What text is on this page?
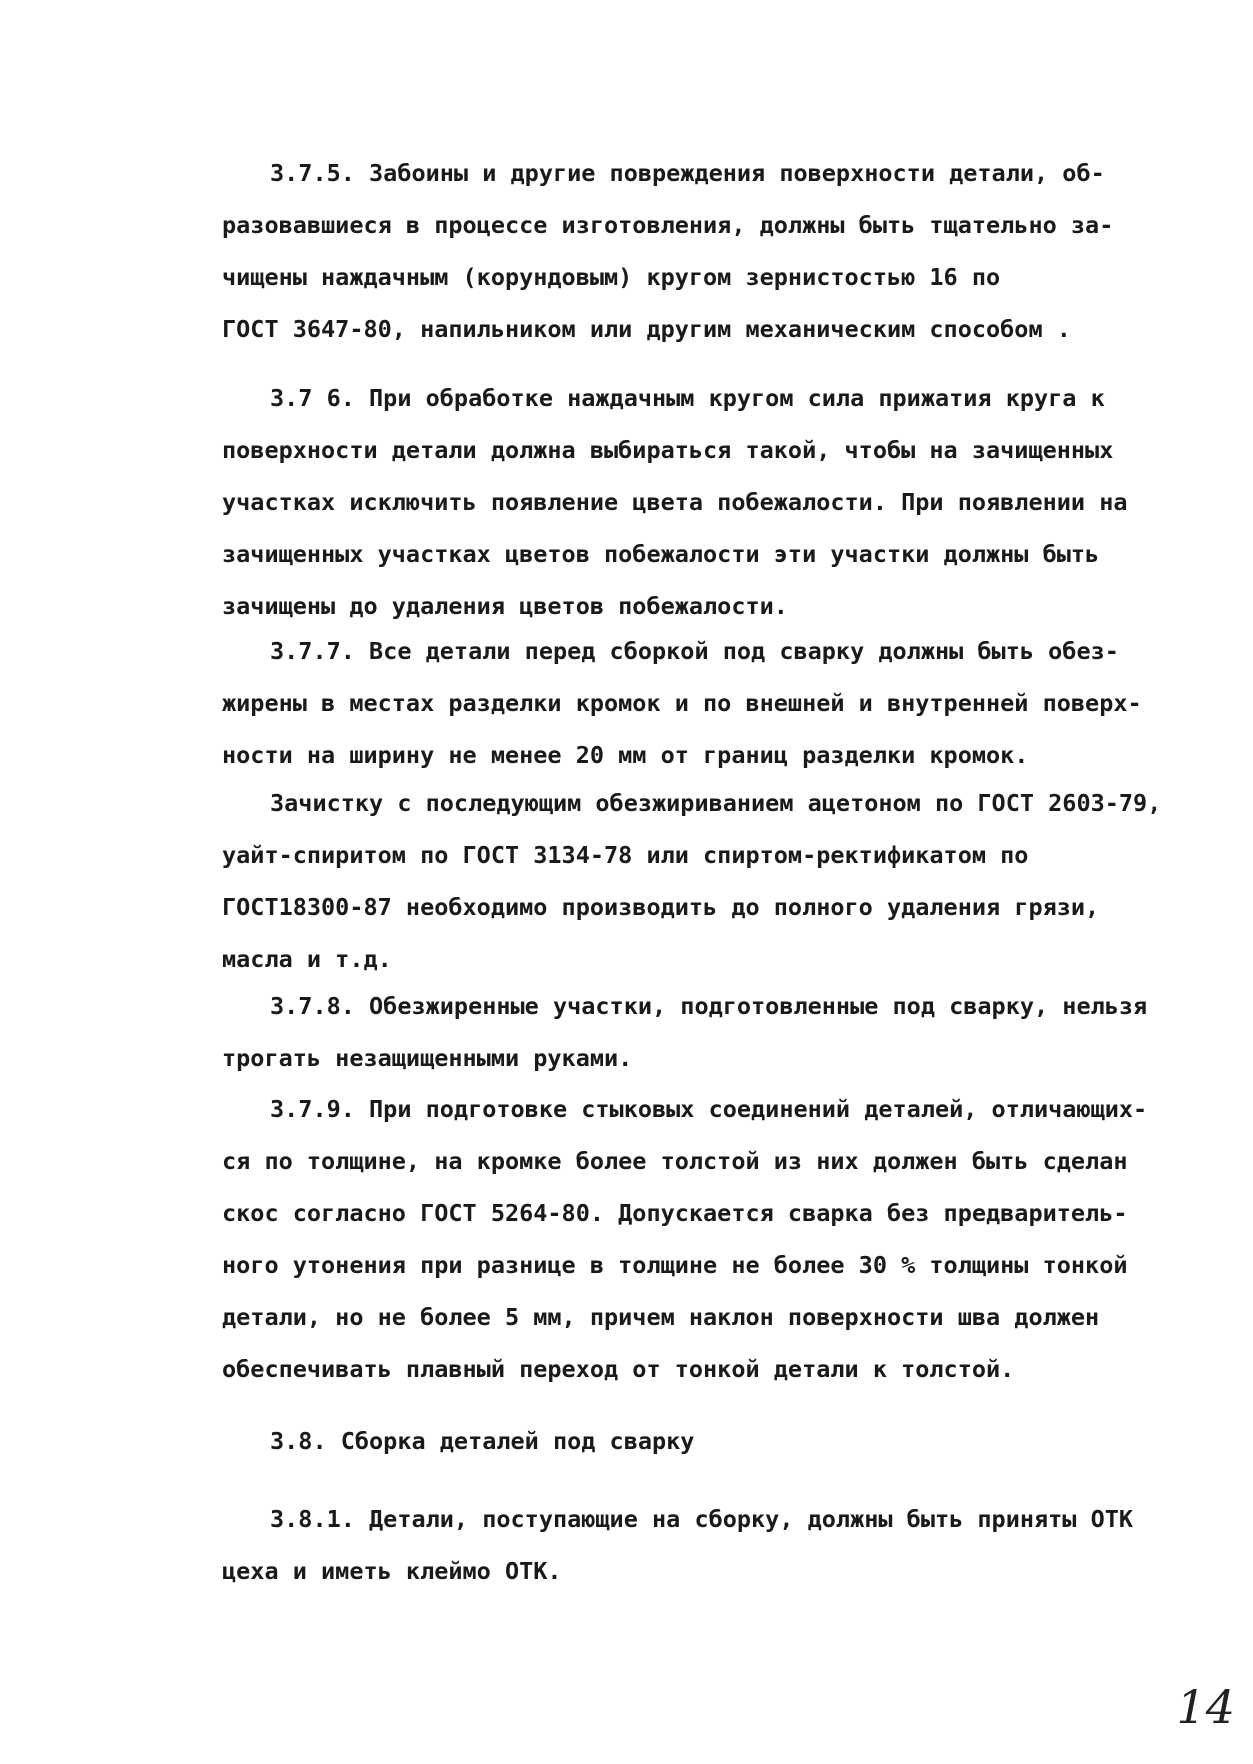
3.7.5. Забоины и другие повреждения поверхности детали, об-
разовавшиеся в процессе изготовления, должны быть тщательно за-
чищены наждачным (корундовым) кругом зернистостью 16 по
ГОСТ 3647-80, напильником или другим механическим способом .
3.7 6. При обработке наждачным кругом сила прижатия круга к
поверхности детали должна выбираться такой, чтобы на зачищенных
участках исключить появление цвета побежалости. При появлении на
зачищенных участках цветов побежалости эти участки должны быть
зачищены до удаления цветов побежалости.
3.7.7. Все детали перед сборкой под сварку должны быть обез-
жирены в местах разделки кромок и по внешней и внутренней поверх-
ности на ширину не менее 20 мм от границ разделки кромок.
Зачистку с последующим обезжириванием ацетоном по ГОСТ 2603-79,
уайт-спиритом по ГОСТ 3134-78 или спиртом-ректификатом по
ГОСТ18300-87 необходимо производить до полного удаления грязи,
масла и т.д.
3.7.8. Обезжиренные участки, подготовленные под сварку, нельзя
трогать незащищенными руками.
3.7.9. При подготовке стыковых соединений деталей, отличающих-
ся по толщине, на кромке более толстой из них должен быть сделан
скос согласно ГОСТ 5264-80. Допускается сварка без предваритель-
ного утонения при разнице в толщине не более 30 % толщины тонкой
детали, но не более 5 мм, причем наклон поверхности шва должен
обеспечивать плавный переход от тонкой детали к толстой.
3.8. Сборка деталей под сварку
3.8.1. Детали, поступающие на сборку, должны быть приняты ОТК
цеха и иметь клеймо ОТК.
14
